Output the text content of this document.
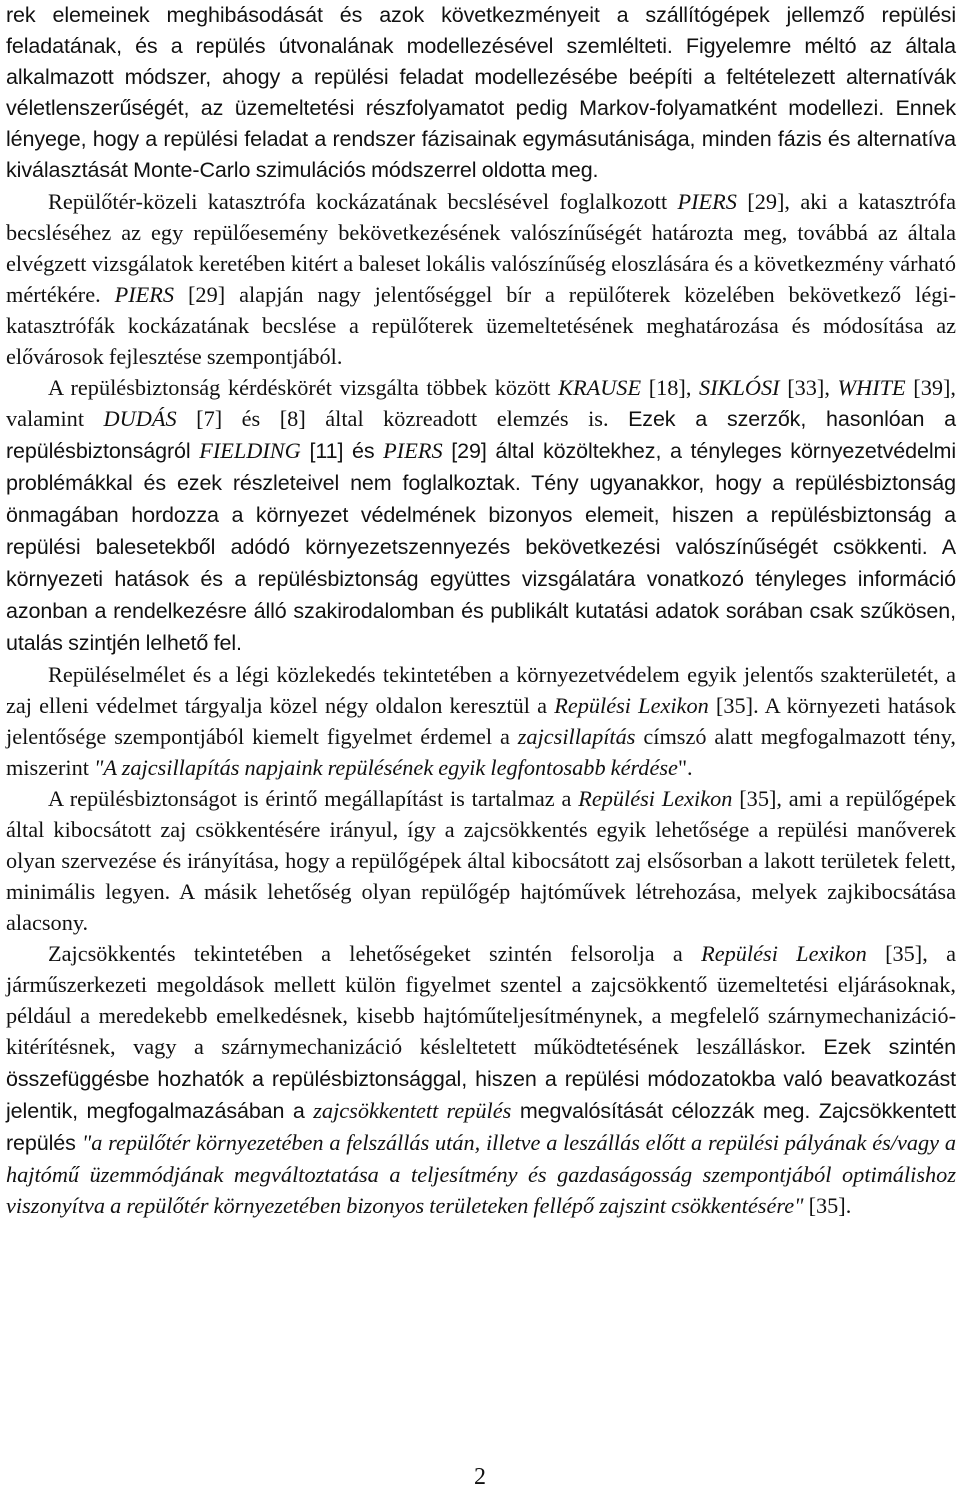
rek elemeinek meghibásodását és azok következményeit a szállítógépek jellemző repülési feladatának, és a repülés útvonalának modellezésével szemlélteti. Figyelemre méltó az általa alkalmazott módszer, ahogy a repülési feladat modellezésébe beépíti a feltételezett alternatívák véletlenszerűségét, az üzemeltetési részfolyamatot pedig Markov-folyamatként modellezi. Ennek lényege, hogy a repülési feladat a rendszer fázisainak egymásutánisága, minden fázis és alternatíva kiválasztását Monte-Carlo szimulációs módszerrel oldotta meg.

Repülőtér-közeli katasztrófa kockázatának becslésével foglalkozott PIERS [29], aki a katasztrófa becsléséhez az egy repülőesemény bekövetkezésének valószínűségét határozta meg, továbbá az általa elvégzett vizsgálatok keretében kitért a baleset lokális valószínűség eloszlására és a következmény várható mértékére. PIERS [29] alapján nagy jelentőséggel bír a repülőterek közelében bekövetkező légi-katasztrófák kockázatának becslése a repülőterek üzemeltetésének meghatározása és módosítása az elővárosok fejlesztése szempontjából.

A repülésbiztonság kérdéskörét vizsgálta többek között KRAUSE [18], SIKLÓSI [33], WHITE [39], valamint DUDÁS [7] és [8] által közreadott elemzés is. Ezek a szerzők, hasonlóan a repülésbiztonságról FIELDING [11] és PIERS [29] által közöltekhez, a tényleges környezetvédelmi problémákkal és ezek részleteivel nem foglalkoztak. Tény ugyanakkor, hogy a repülésbiztonság önmagában hordozza a környezet védelmének bizonyos elemeit, hiszen a repülésbiztonság a repülési balesetekből adódó környezetszennyezés bekövetkezési valószínűségét csökkenti. A környezeti hatások és a repülésbiztonság együttes vizsgálatára vonatkozó tényleges információ azonban a rendelkezésre álló szakirodalomban és publikált kutatási adatok sorában csak szűkösen, utalás szintjén lelhető fel.

Repüléselmélet és a légi közlekedés tekintetében a környezetvédelem egyik jelentős szakterületét, a zaj elleni védelmet tárgyalja közel négy oldalon keresztül a Repülési Lexikon [35]. A környezeti hatások jelentősége szempontjából kiemelt figyelmet érdemel a zajcsillapítás címszó alatt megfogalmazott tény, miszerint "A zajcsillapítás napjaink repülésének egyik legfontosabb kérdése".

A repülésbiztonságot is érintő megállapítást is tartalmaz a Repülési Lexikon [35], ami a repülőgépek által kibocsátott zaj csökkentésére irányul, így a zajcsökkentés egyik lehetősége a repülési manőverek olyan szervezése és irányítása, hogy a repülőgépek által kibocsátott zaj elsősorban a lakott területek felett, minimális legyen. A másik lehetőség olyan repülőgép hajtóművek létrehozása, melyek zajkibocsátása alacsony.

Zajcsökkentés tekintetében a lehetőségeket szintén felsorolja a Repülési Lexikon [35], a járműszerkezeti megoldások mellett külön figyelmet szentel a zajcsökkentő üzemeltetési eljárásoknak, például a meredekebb emelkedésnek, kisebb hajtóműteljesítménynek, a megfelelő szárnymechanizáció-kitérítésnek, vagy a szárnymechanizáció késleltetett működtetésének leszálláskor. Ezek szintén összefüggésbe hozhatók a repülésbiztonsággal, hiszen a repülési módozatokba való beavatkozást jelentik, megfogalmazásában a zajcsökkentett repülés megvalósítását célozzák meg. Zajcsökkentett repülés "a repülőtér környezetében a felszállás után, illetve a leszállás előtt a repülési pályának és/vagy a hajtómű üzemmódjának megváltoztatása a teljesítmény és gazdaságosság szempontjából optimálishoz viszonyítva a repülőtér környezetében bizonyos területeken fellépő zajszint csökkentésére" [35].

2
